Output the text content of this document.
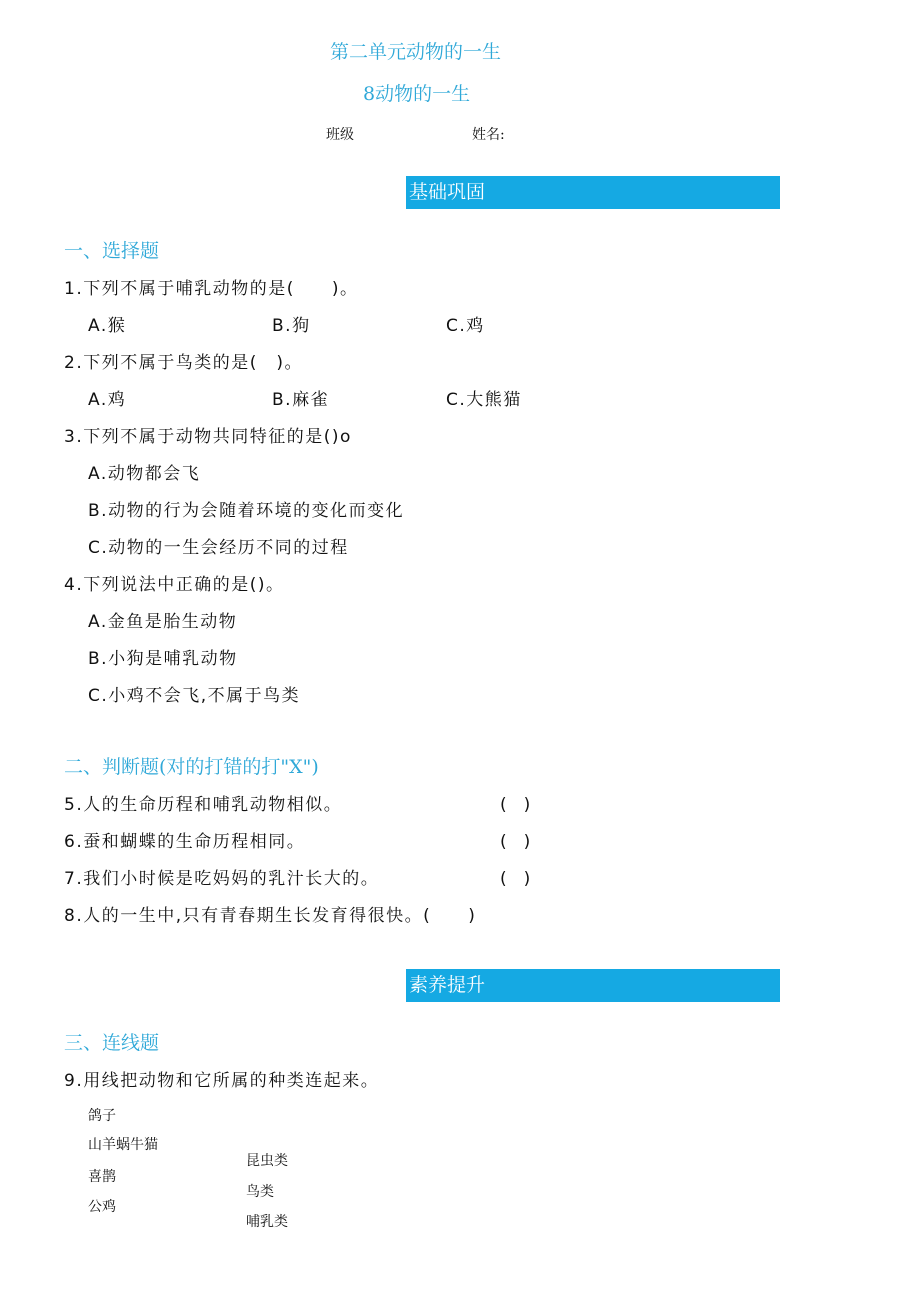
第二单元动物的一生
8动物的一生
班级	姓名:
基础巩固
一、选择题
1.下列不属于哺乳动物的是(　　)。
A.猴	B.狗	C.鸡
2.下列不属于鸟类的是(　)。
A.鸡	B.麻雀	C.大熊猫
3.下列不属于动物共同特征的是()o
A.动物都会飞
B.动物的行为会随着环境的变化而变化
C.动物的一生会经历不同的过程
4.下列说法中正确的是()。
A.金鱼是胎生动物
B.小狗是哺乳动物
C.小鸡不会飞,不属于鸟类
二、判断题(对的打错的打"X")
5.人的生命历程和哺乳动物相似。	(　)
6.蚕和蝴蝶的生命历程相同。	(　)
7.我们小时候是吃妈妈的乳汁长大的。	(　)
8.人的一生中,只有青春期生长发育得很快。(　　)
素养提升
三、连线题
9.用线把动物和它所属的种类连起来。
鸽子
山羊蜗牛猫
喜鹊
公鸡
昆虫类
鸟类
哺乳类
